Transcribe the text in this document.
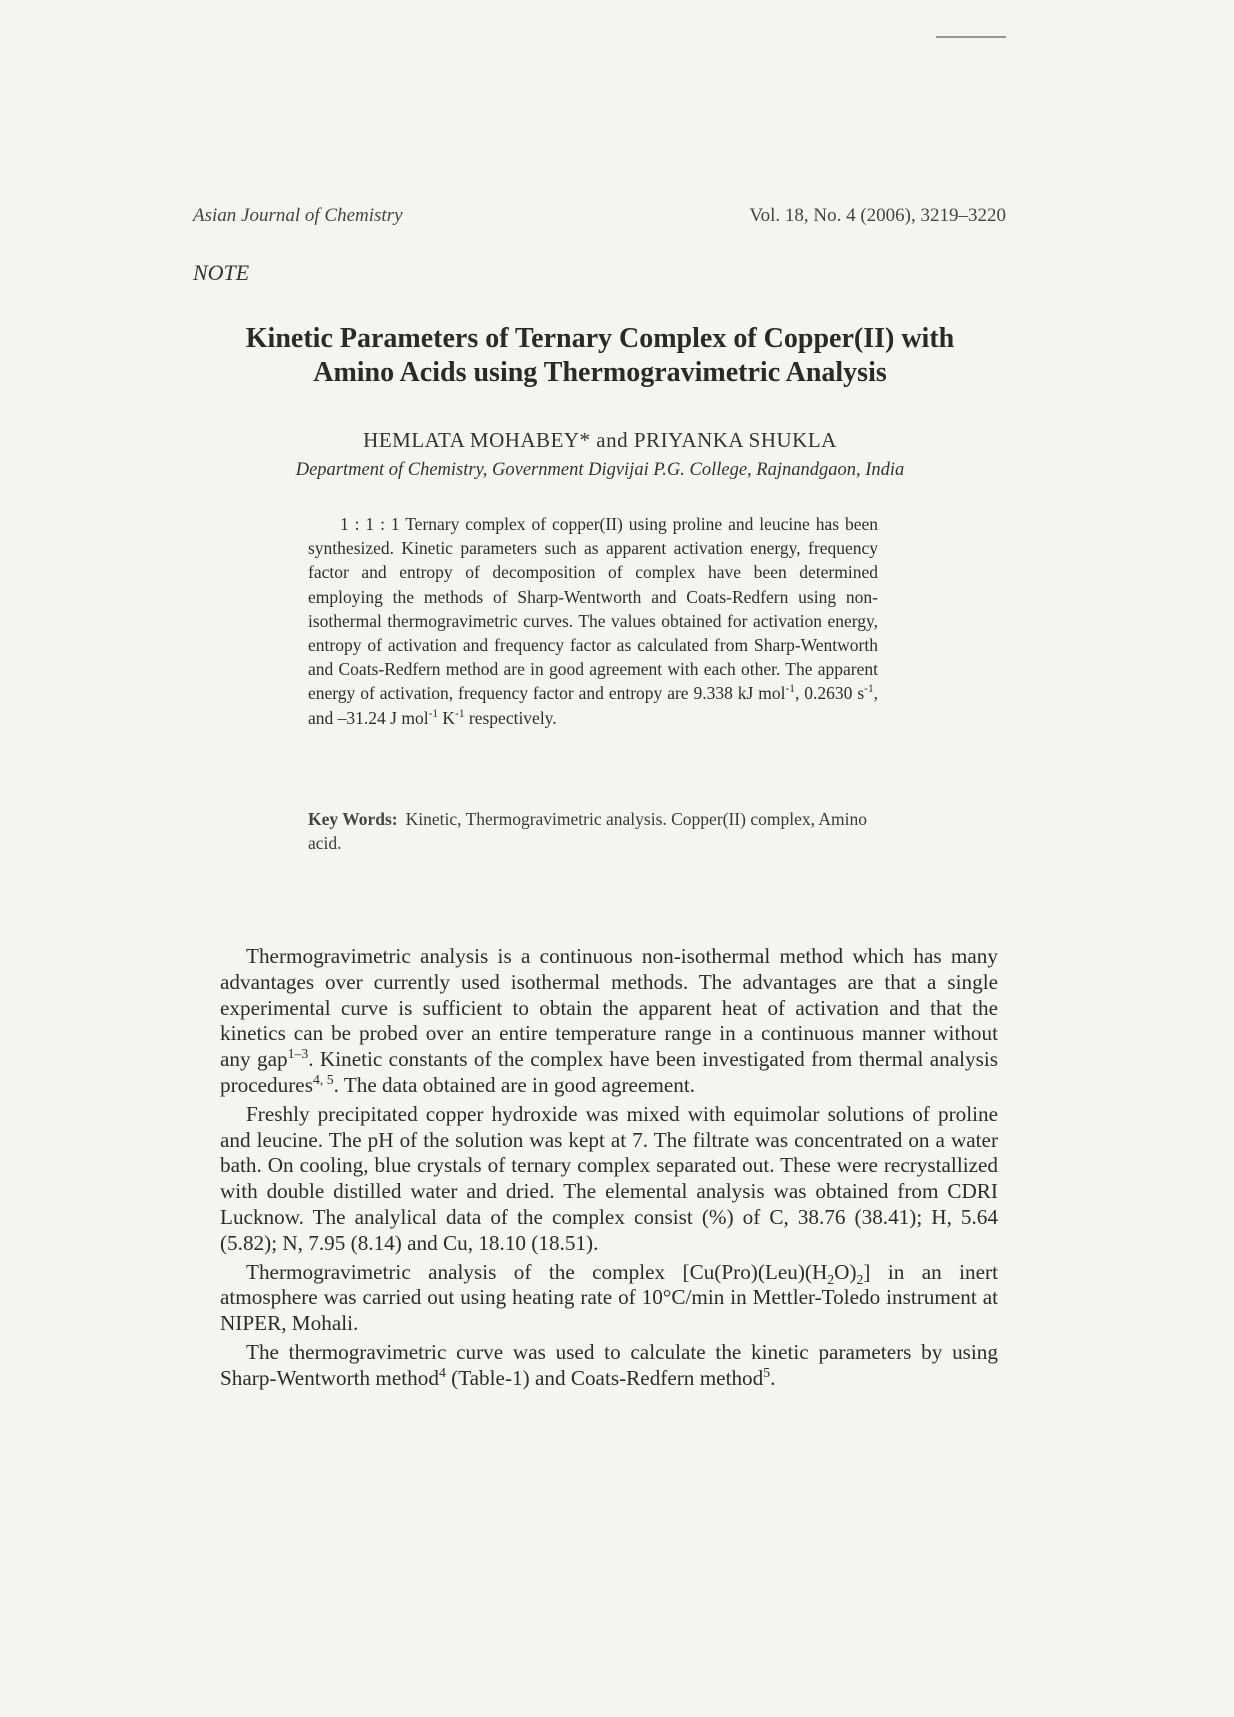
Asian Journal of Chemistry	Vol. 18, No. 4 (2006), 3219–3220
NOTE
Kinetic Parameters of Ternary Complex of Copper(II) with
Amino Acids using Thermogravimetric Analysis
HEMLATA MOHABEY* and PRIYANKA SHUKLA
Department of Chemistry, Government Digvijai P.G. College, Rajnandgaon, India
1 : 1 : 1 Ternary complex of copper(II) using proline and leucine has been synthesized. Kinetic parameters such as apparent activation energy, frequency factor and entropy of decomposition of complex have been determined employing the methods of Sharp-Wentworth and Coats-Redfern using non-isothermal thermogravimetric curves. The values obtained for activation energy, entropy of activation and frequency factor as calculated from Sharp-Wentworth and Coats-Redfern method are in good agreement with each other. The apparent energy of activation, frequency factor and entropy are 9.338 kJ mol$^{-1}$, 0.2630 $s^{-1}$, and –31.24 J mol$^{-1}$ $K^{-1}$ respectively.
Key Words: Kinetic, Thermogravimetric analysis. Copper(II) complex, Amino acid.

Thermogravimetric analysis is a continuous non-isothermal method which has many advantages over currently used isothermal methods. The advantages are that a single experimental curve is sufficient to obtain the apparent heat of activation and that the kinetics can be probed over an entire temperature range in a continuous manner without any gap$^{1-3}$. Kinetic constants of the complex have been investigated from thermal analysis procedures$^{4, 5}$. The data obtained are in good agreement.

Freshly precipitated copper hydroxide was mixed with equimolar solutions of proline and leucine. The pH of the solution was kept at 7. The filtrate was concentrated on a water bath. On cooling, blue crystals of ternary complex separated out. These were recrystallized with double distilled water and dried. The elemental analysis was obtained from CDRI Lucknow. The analylical data of the complex consist (%) of C, 38.76 (38.41); H, 5.64 (5.82); N, 7.95 (8.14) and Cu, 18.10 (18.51).

Thermogravimetric analysis of the complex $[Cu(Pro)(Leu)(H_2O)_2]$ in an inert atmosphere was carried out using heating rate of 10°C/min in Mettler-Toledo instrument at NIPER, Mohali.

The thermogravimetric curve was used to calculate the kinetic parameters by using Sharp-Wentworth method$^4$ (Table-1) and Coats-Redfern method$^5$.
